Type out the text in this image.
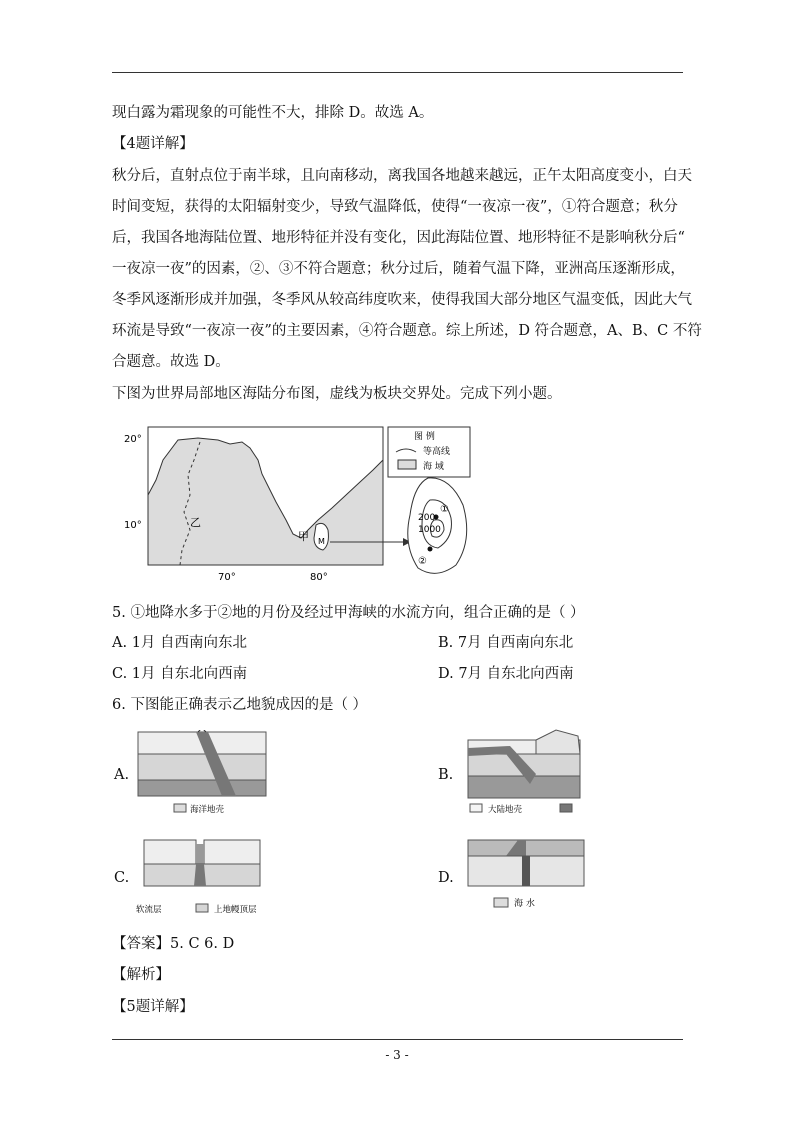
现白露为霜现象的可能性不大，排除 D。故选 A。
【4题详解】
秋分后，直射点位于南半球，且向南移动，离我国各地越来越远，正午太阳高度变小，白天
时间变短，获得的太阳辐射变少，导致气温降低，使得“一夜凉一夜”，①符合题意；秋分
后，我国各地海陆位置、地形特征并没有变化，因此海陆位置、地形特征不是影响秋分后“
一夜凉一夜”的因素，②、③不符合题意；秋分过后，随着气温下降，亚洲高压逐渐形成，
冬季风逐渐形成并加强，冬季风从较高纬度吹来，使得我国大部分地区气温变低，因此大气
环流是导致“一夜凉一夜”的主要因素，④符合题意。综上所述，D 符合题意，A、B、C 不符
合题意。故选 D。
下图为世界局部地区海陆分布图，虚线为板块交界处。完成下列小题。
20°
10°
70°	80°
乙
甲 M
图 例
等高线
海 域
①
②
200
1000
5. ①地降水多于②地的月份及经过甲海峡的水流方向，组合正确的是（ ）
A. 1月 自西南向东北	B. 7月 自西南向东北
C. 1月 自东北向西南	D. 7月 自东北向西南
6. 下图能正确表示乙地貌成因的是（ ）
A.
海洋地壳
B.
大陆地壳
C.
软流层	上地幔顶层
D.
海 水
【答案】5. C 6. D
【解析】
【5题详解】
- 3 -
